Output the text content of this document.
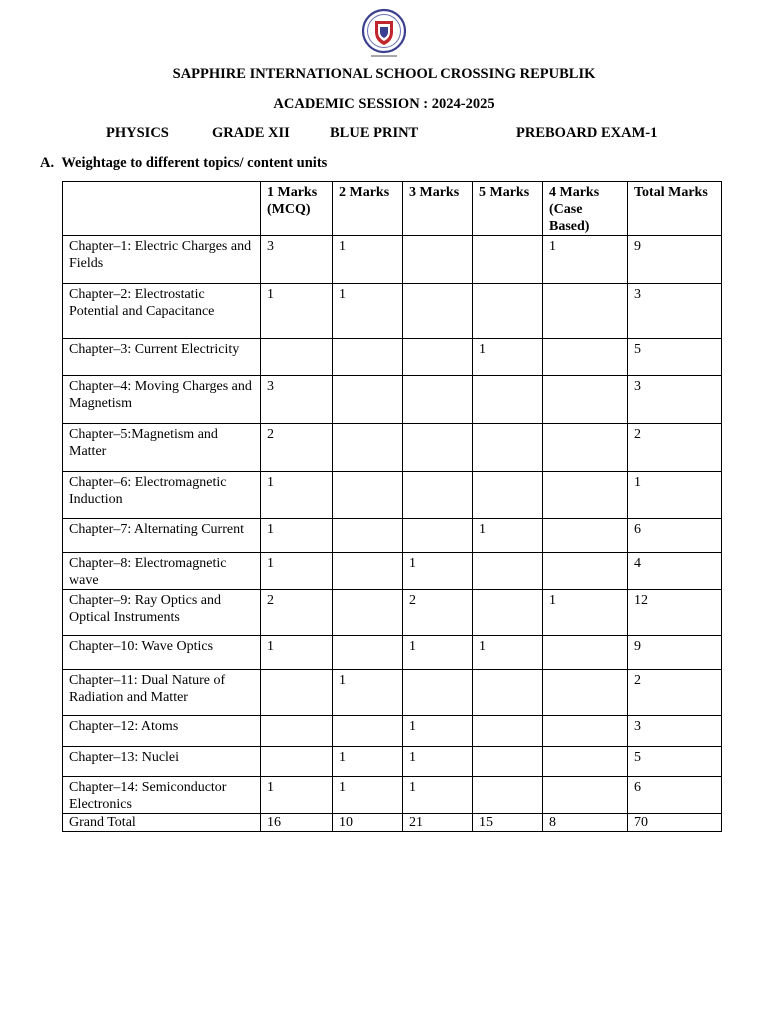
SAPPHIRE INTERNATIONAL SCHOOL CROSSING REPUBLIK
ACADEMIC SESSION : 2024-2025
PHYSICS	GRADE XII	BLUE PRINT	PREBOARD EXAM-1
A. Weightage to different topics/ content units
	1 Marks (MCQ)	2 Marks	3 Marks	5 Marks	4 Marks (Case Based)	Total Marks
Chapter–1: Electric Charges and Fields	3	1			1	9
Chapter–2: Electrostatic Potential and Capacitance	1	1				3
Chapter–3: Current Electricity				1		5
Chapter–4: Moving Charges and Magnetism	3					3
Chapter–5:Magnetism and Matter	2					2
Chapter–6: Electromagnetic Induction	1					1
Chapter–7: Alternating Current	1			1		6
Chapter–8: Electromagnetic wave	1		1			4
Chapter–9: Ray Optics and Optical Instruments	2		2		1	12
Chapter–10: Wave Optics	1		1	1		9
Chapter–11: Dual Nature of Radiation and Matter		1				2
Chapter–12: Atoms			1			3
Chapter–13: Nuclei		1	1			5
Chapter–14: Semiconductor Electronics	1	1	1			6
Grand Total	16	10	21	15	8	70
